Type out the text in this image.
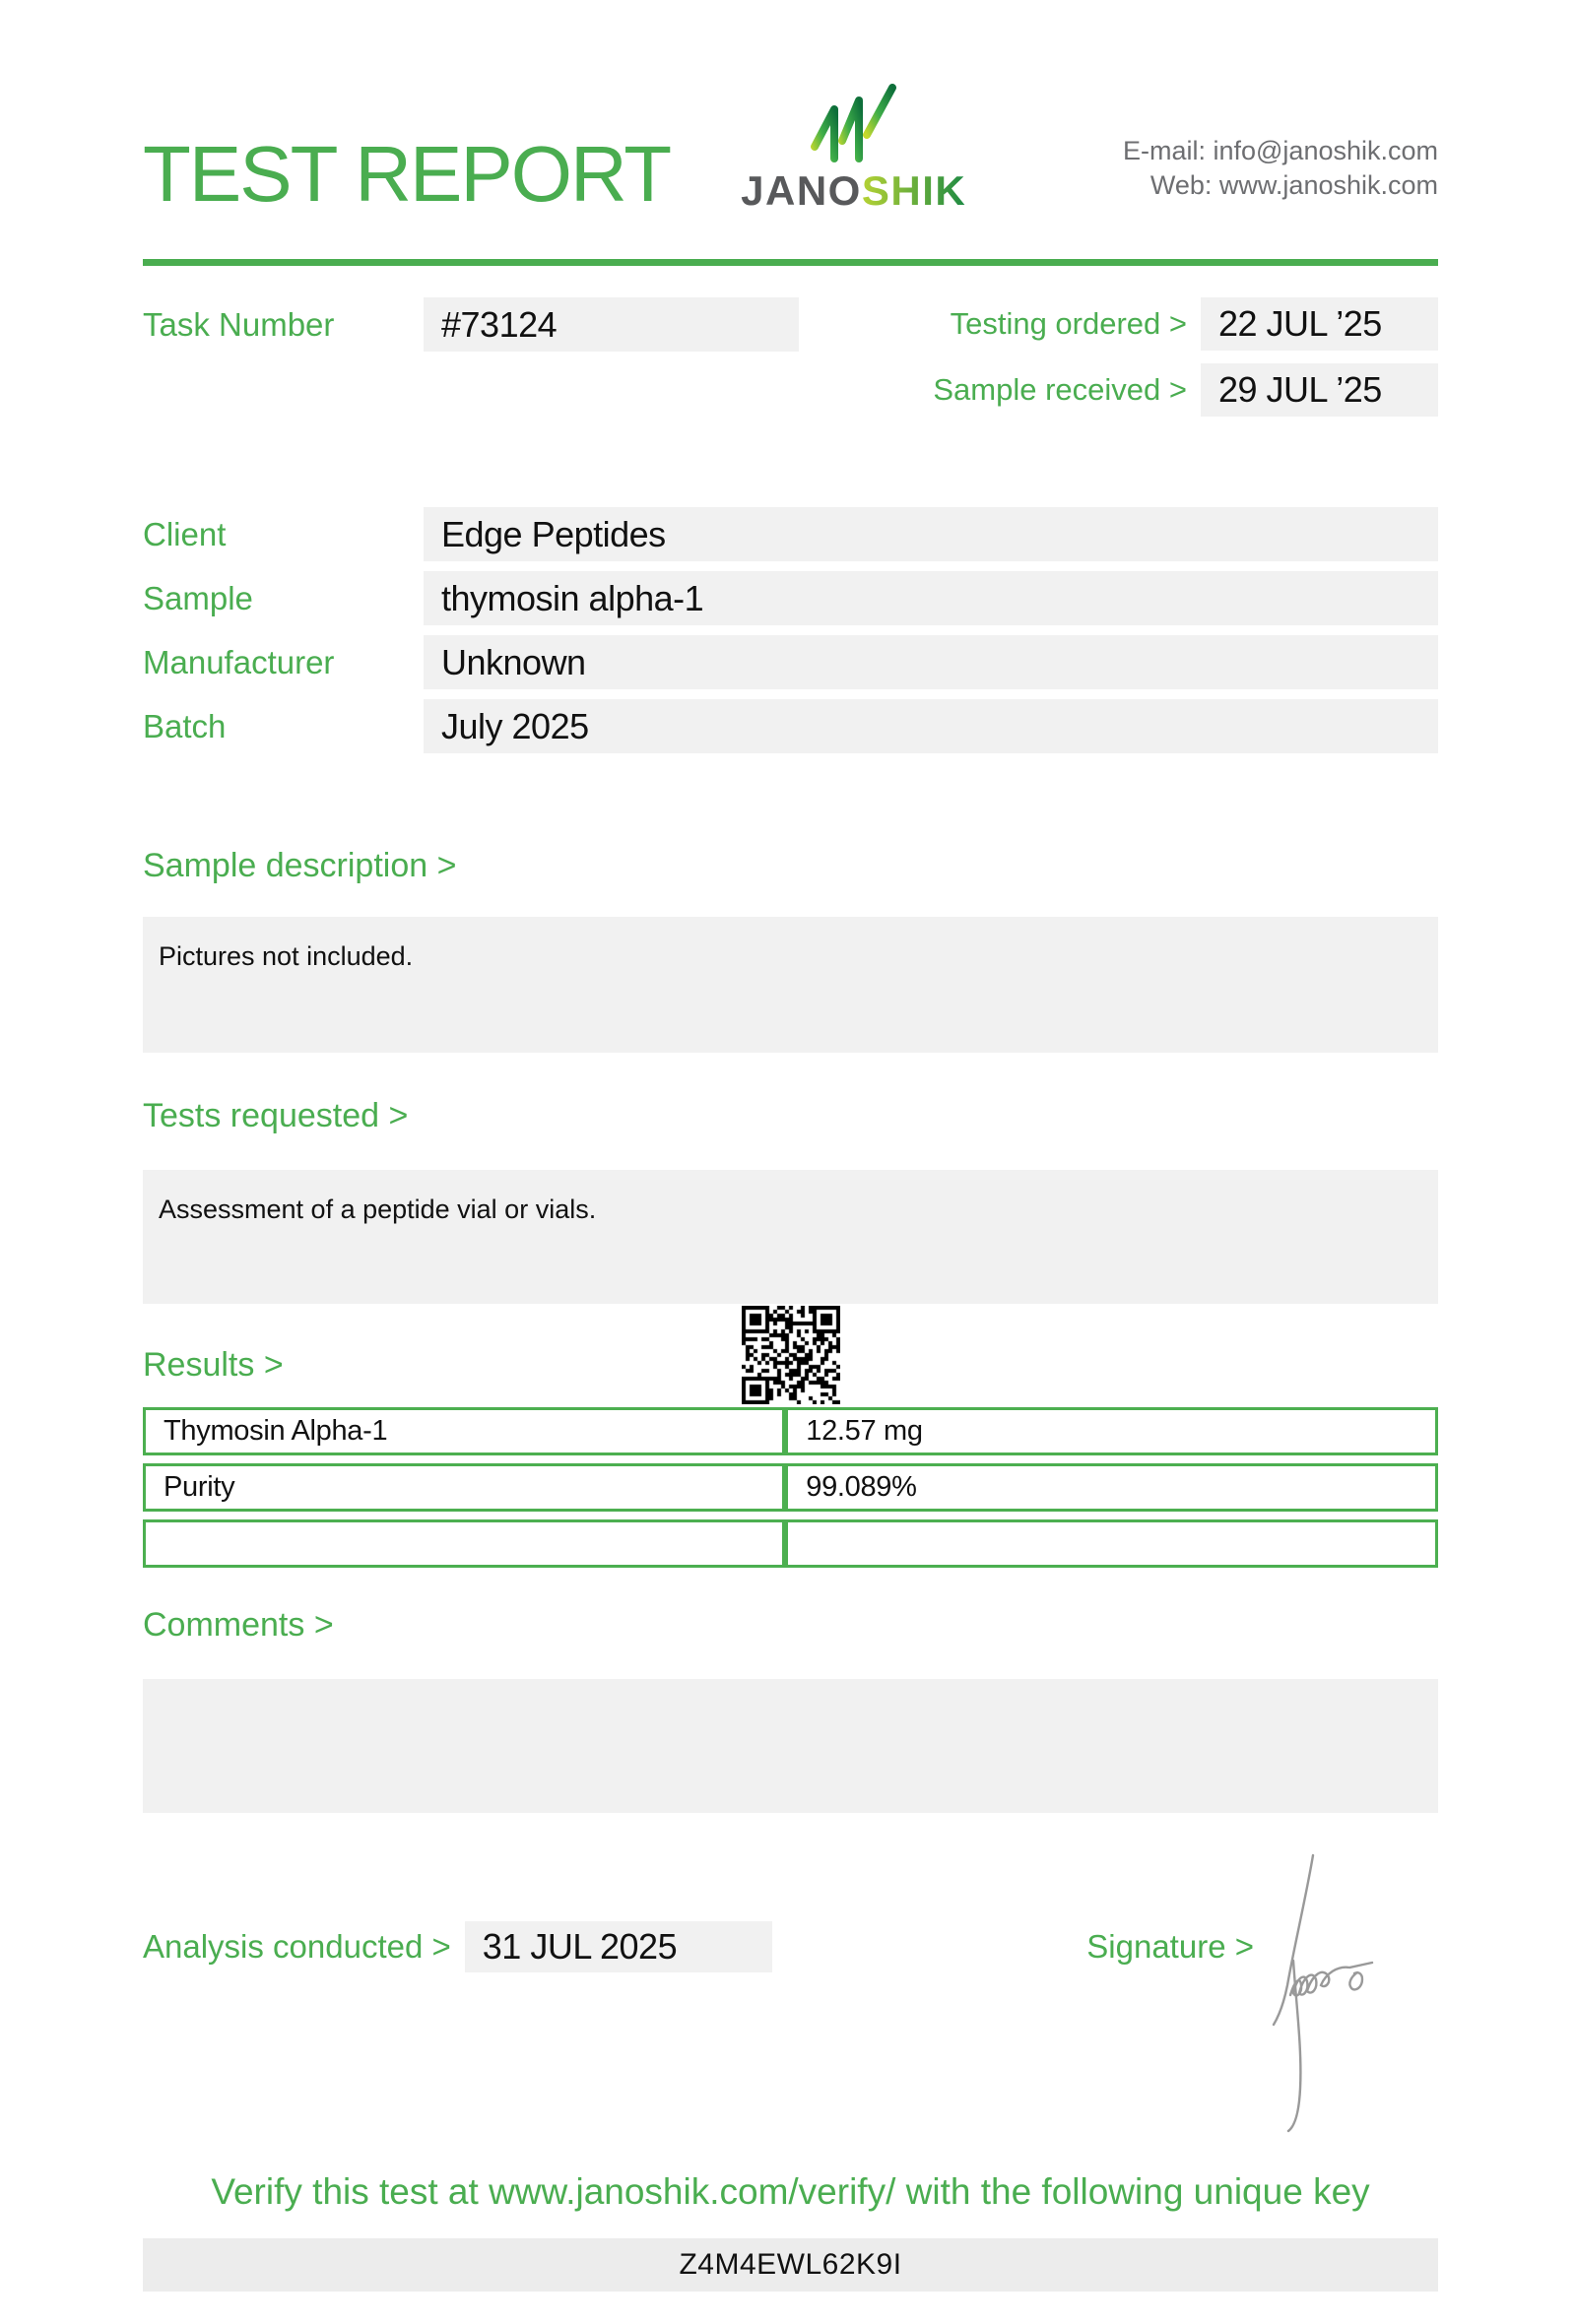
TEST REPORT JANOSHIK
E-mail: info@janoshik.com
Web: www.janoshik.com
Task Number	#73124	Testing ordered > 22 JUL ’25
Sample received > 29 JUL ’25
Client	Edge Peptides
Sample	thymosin alpha-1
Manufacturer	Unknown
Batch	July 2025
Sample description >
Pictures not included.
Tests requested >
Assessment of a peptide vial or vials.
Results >
Thymosin Alpha-1	12.57 mg
Purity	99.089%

Comments >
Analysis conducted > 31 JUL 2025	Signature >
Verify this test at www.janoshik.com/verify/ with the following unique key
Z4M4EWL62K9I
